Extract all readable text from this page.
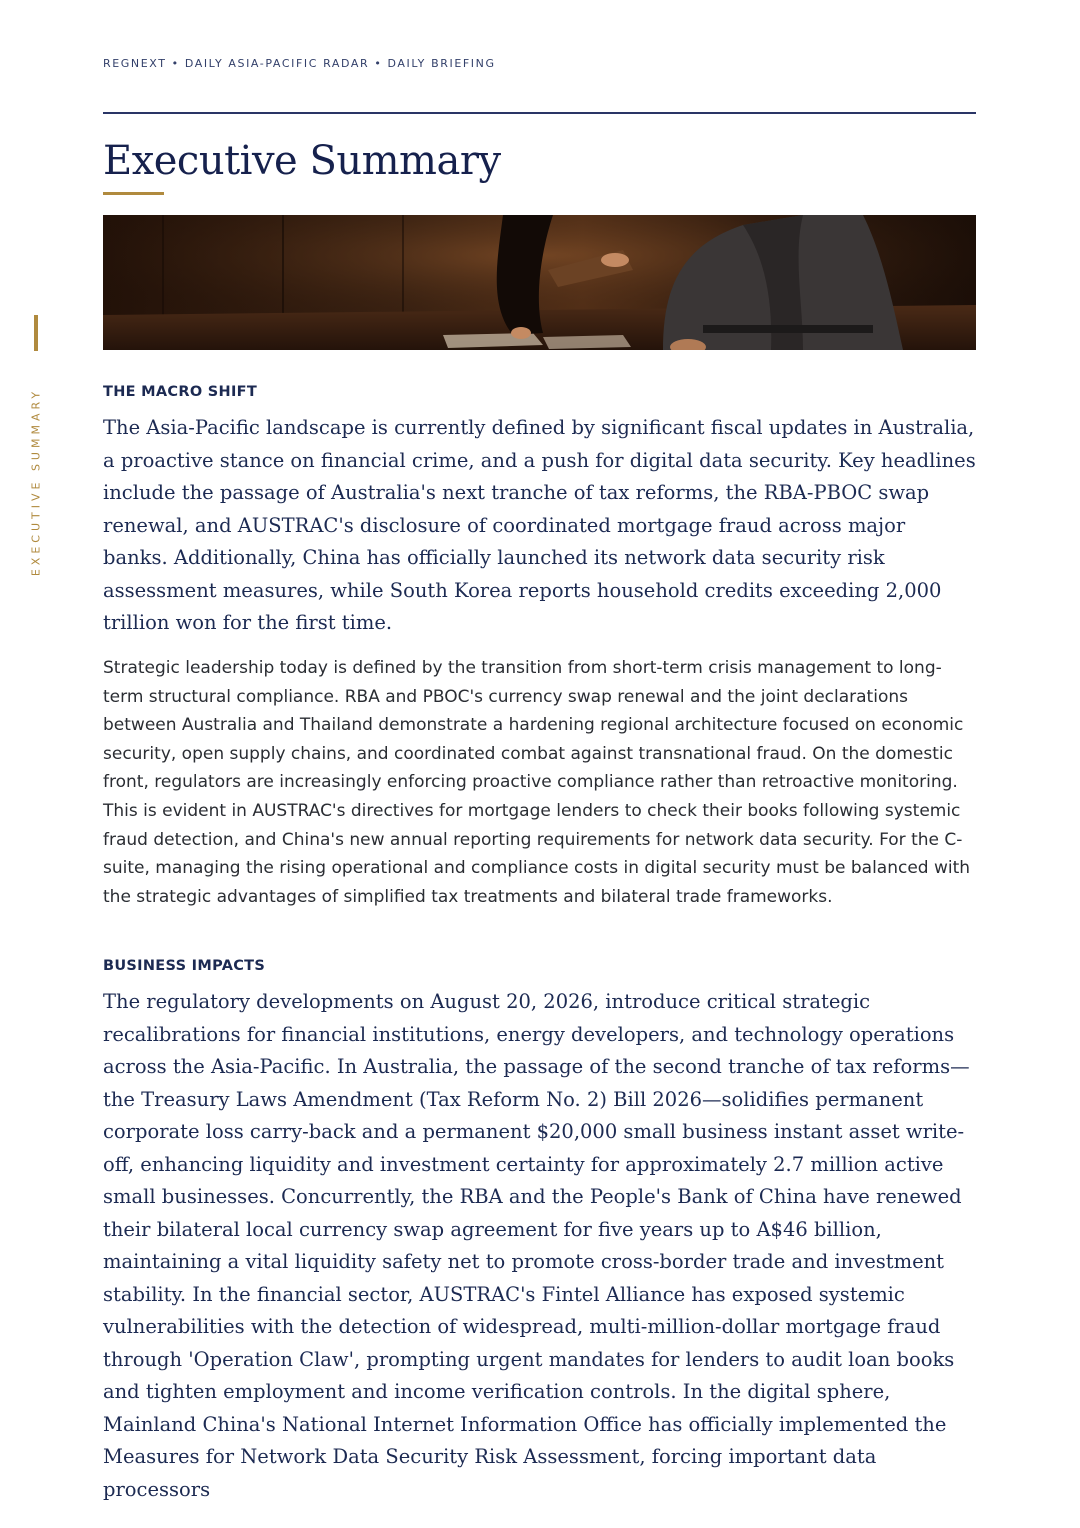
EXECUTIVE SUMMARY
REGNEXT • DAILY ASIA-PACIFIC RADAR • DAILY BRIEFING
Executive Summary
THE MACRO SHIFT

The Asia-Pacific landscape is currently defined by significant fiscal updates in Australia, a proactive stance on financial crime, and a push for digital data security. Key headlines include the passage of Australia's next tranche of tax reforms, the RBA-PBOC swap renewal, and AUSTRAC's disclosure of coordinated mortgage fraud across major banks. Additionally, China has officially launched its network data security risk assessment measures, while South Korea reports household credits exceeding 2,000 trillion won for the first time.

Strategic leadership today is defined by the transition from short-term crisis management to long-term structural compliance. RBA and PBOC's currency swap renewal and the joint declarations between Australia and Thailand demonstrate a hardening regional architecture focused on economic security, open supply chains, and coordinated combat against transnational fraud. On the domestic front, regulators are increasingly enforcing proactive compliance rather than retroactive monitoring. This is evident in AUSTRAC's directives for mortgage lenders to check their books following systemic fraud detection, and China's new annual reporting requirements for network data security. For the C-suite, managing the rising operational and compliance costs in digital security must be balanced with the strategic advantages of simplified tax treatments and bilateral trade frameworks.

BUSINESS IMPACTS

The regulatory developments on August 20, 2026, introduce critical strategic recalibrations for financial institutions, energy developers, and technology operations across the Asia-Pacific. In Australia, the passage of the second tranche of tax reforms—the Treasury Laws Amendment (Tax Reform No. 2) Bill 2026—solidifies permanent corporate loss carry-back and a permanent $20,000 small business instant asset write-off, enhancing liquidity and investment certainty for approximately 2.7 million active small businesses. Concurrently, the RBA and the People's Bank of China have renewed their bilateral local currency swap agreement for five years up to A$46 billion, maintaining a vital liquidity safety net to promote cross-border trade and investment stability. In the financial sector, AUSTRAC's Fintel Alliance has exposed systemic vulnerabilities with the detection of widespread, multi-million-dollar mortgage fraud through 'Operation Claw', prompting urgent mandates for lenders to audit loan books and tighten employment and income verification controls. In the digital sphere, Mainland China's National Internet Information Office has officially implemented the Measures for Network Data Security Risk Assessment, forcing important data processors
